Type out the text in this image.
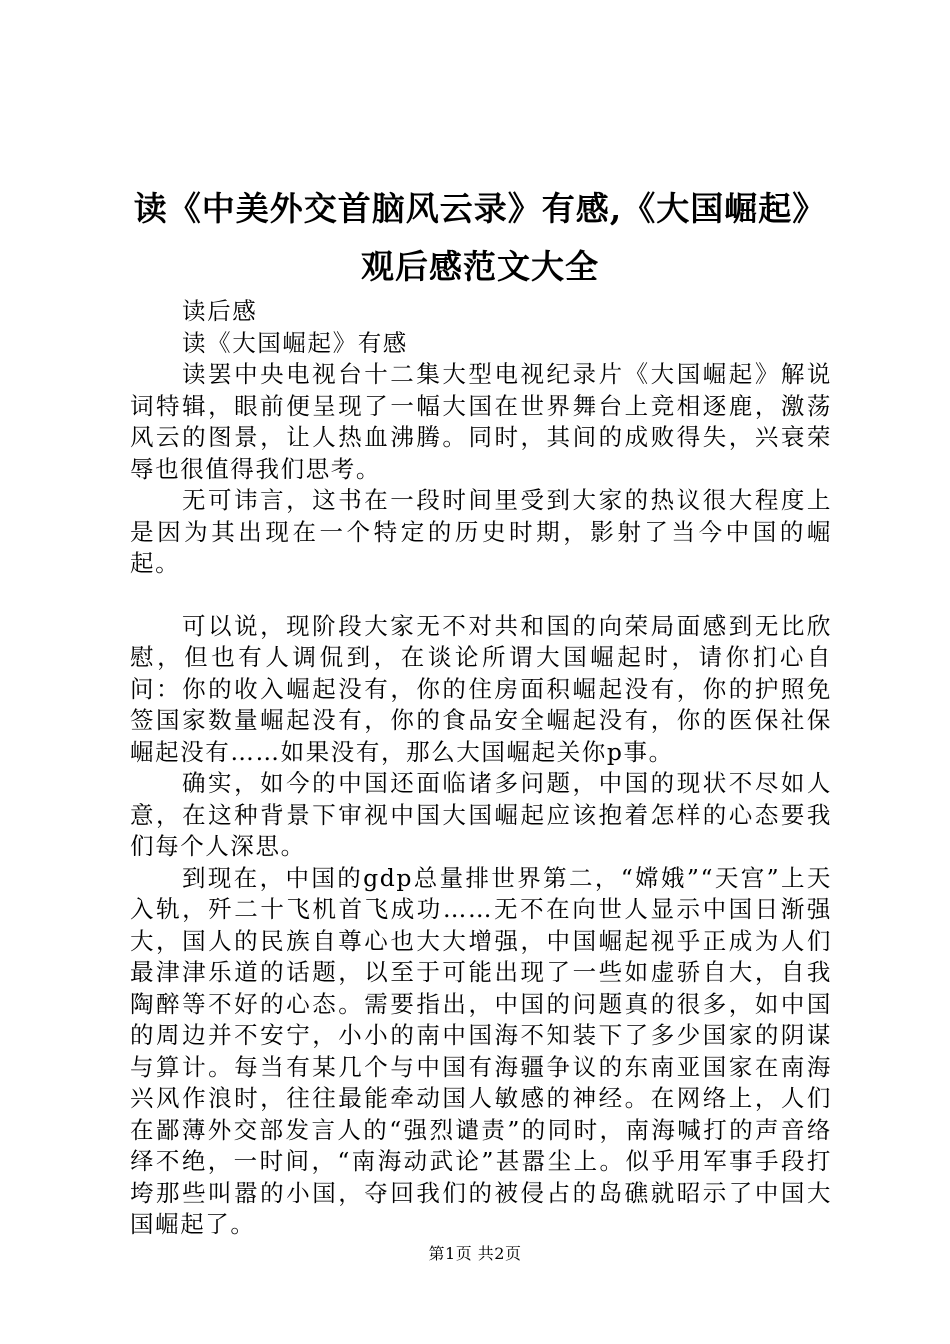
读《中美外交首脑风云录》有感,《大国崛起》观后感范文大全

读后感

读《大国崛起》有感

读罢中央电视台十二集大型电视纪录片《大国崛起》解说词特辑，眼前便呈现了一幅大国在世界舞台上竞相逐鹿，激荡风云的图景，让人热血沸腾。同时，其间的成败得失，兴衰荣辱也很值得我们思考。

无可讳言，这书在一段时间里受到大家的热议很大程度上是因为其出现在一个特定的历史时期，影射了当今中国的崛起。

可以说，现阶段大家无不对共和国的向荣局面感到无比欣慰，但也有人调侃到，在谈论所谓大国崛起时，请你扪心自问：你的收入崛起没有，你的住房面积崛起没有，你的护照免签国家数量崛起没有，你的食品安全崛起没有，你的医保社保崛起没有……如果没有，那么大国崛起关你p事。

确实，如今的中国还面临诸多问题，中国的现状不尽如人意，在这种背景下审视中国大国崛起应该抱着怎样的心态要我们每个人深思。

到现在，中国的gdp总量排世界第二，“嫦娥”“天宫”上天入轨，歼二十飞机首飞成功……无不在向世人显示中国日渐强大，国人的民族自尊心也大大增强，中国崛起视乎正成为人们最津津乐道的话题，以至于可能出现了一些如虚骄自大，自我陶醉等不好的心态。需要指出，中国的问题真的很多，如中国的周边并不安宁，小小的南中国海不知装下了多少国家的阴谋与算计。每当有某几个与中国有海疆争议的东南亚国家在南海兴风作浪时，往往最能牵动国人敏感的神经。在网络上，人们在鄙薄外交部发言人的“强烈谴责”的同时，南海喊打的声音络绎不绝，一时间，“南海动武论”甚嚣尘上。似乎用军事手段打垮那些叫嚣的小国，夺回我们的被侵占的岛礁就昭示了中国大国崛起了。

第1页 共2页
